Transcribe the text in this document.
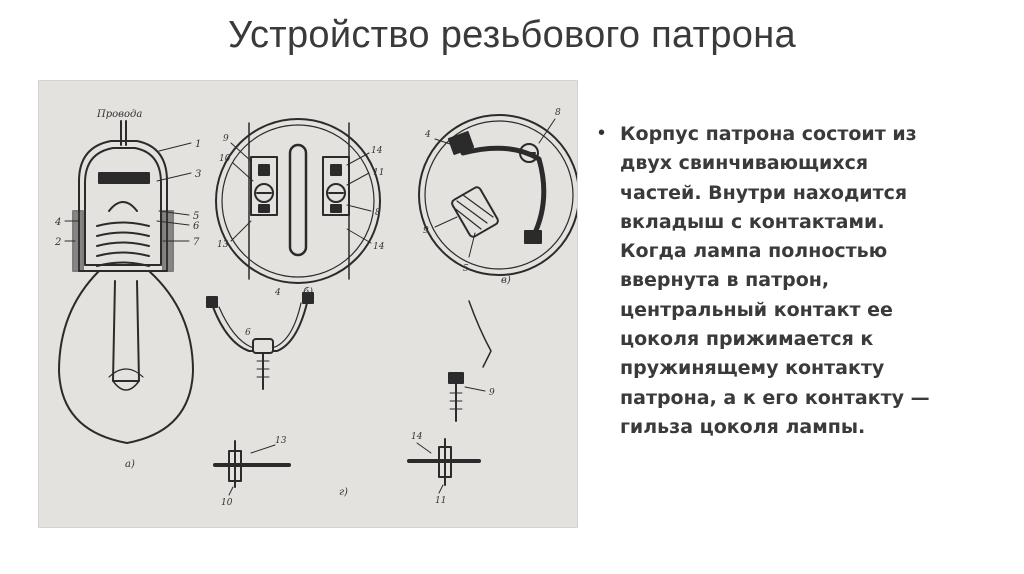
Устройство резьбового патрона
Провода
1
3
5
6
7
4
2
а)
9
10
13
14
11
8
14
б)
4
8
9
5
в)
4
6
9
13
10
14
11
г)
• Корпус патрона состоит из
двух свинчивающихся
частей. Внутри находится
вкладыш с контактами.
Когда лампа полностью
ввернута в патрон,
центральный контакт ее
цоколя прижимается к
пружинящему контакту
патрона, а к его контакту —
гильза цоколя лампы.
